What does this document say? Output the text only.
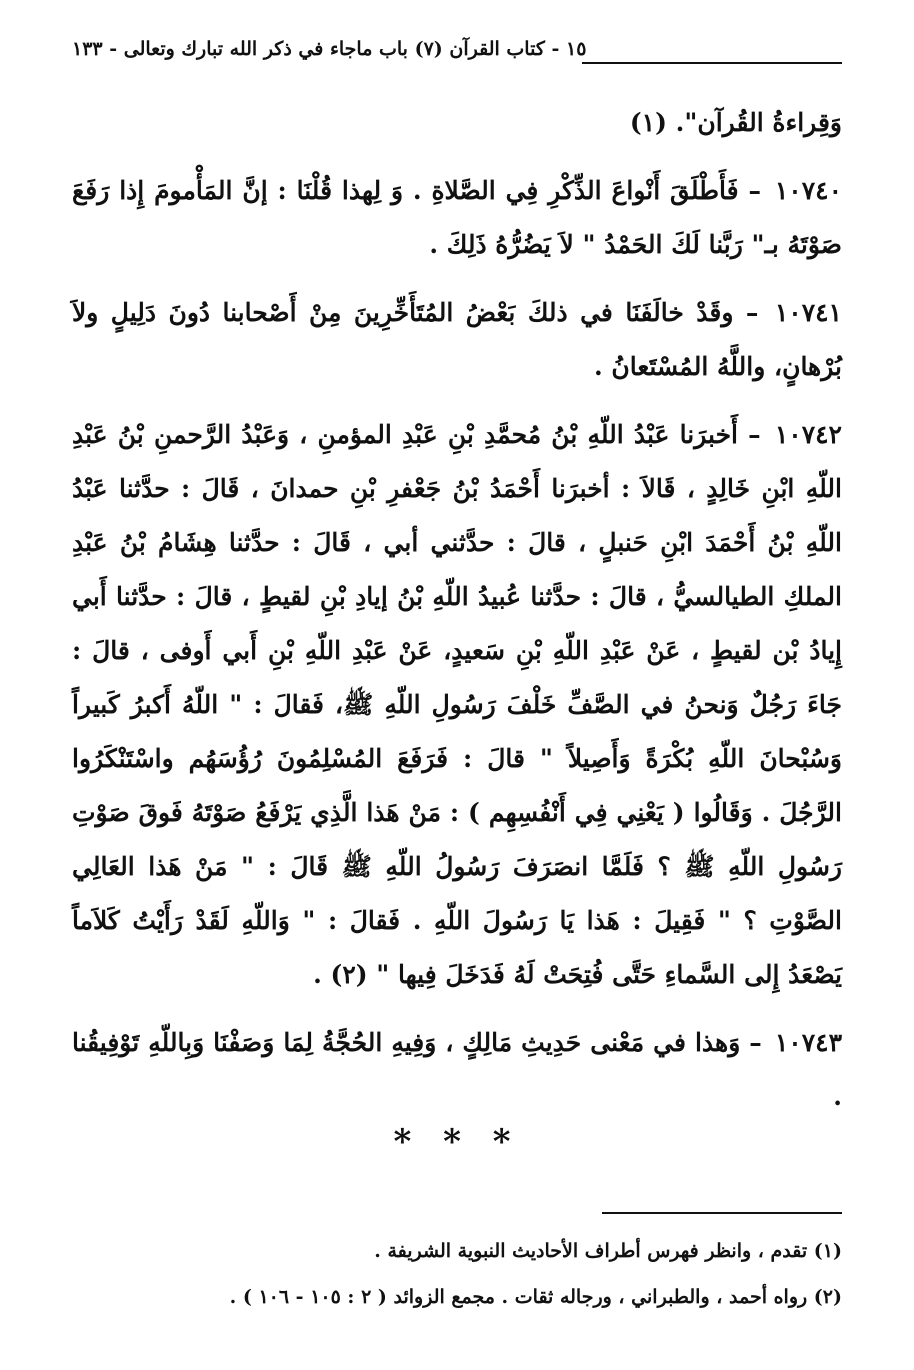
١٥ - كتاب القرآن (٧) باب ماجاء في ذكر الله تبارك وتعالى - ١٣٣

وَقِراءةُ القُرآن". (١)

١٠٧٤٠ – فَأَطْلَقَ أَنْواعَ الذِّكْرِ فِي الصَّلاةِ . وَ لِهذا قُلْنَا : إنَّ المَأْمومَ إِذا رَفَعَ صَوْتَهُ بـ" رَبَّنا لَكَ الحَمْدُ " لاَ يَضُرُّهُ ذَلِكَ .

١٠٧٤١ – وقَدْ خالَفَنَا في ذلكَ بَعْضُ المُتَأَخِّرِينَ مِنْ أَصْحابنا دُونَ دَلِيلٍ ولاَ بُرْهانٍ، واللَّهُ المُسْتَعانُ .

١٠٧٤٢ – أَخبرَنا عَبْدُ اللّهِ بْنُ مُحمَّدِ بْنِ عَبْدِ المؤمنِ ، وَعَبْدُ الرَّحمنِ بْنُ عَبْدِ اللّهِ ابْنِ خَالِدٍ ، قَالاَ : أخبرَنا أَحْمَدُ بْنُ جَعْفرِ بْنِ حمدانَ ، قَالَ : حدَّثنا عَبْدُ اللّهِ بْنُ أَحْمَدَ ابْنِ حَنبلٍ ، قالَ : حدَّثني أبي ، قَالَ : حدَّثنا هِشَامُ بْنُ عَبْدِ الملكِ الطيالسيُّ ، قالَ : حدَّثنا عُبيدُ اللّهِ بْنُ إيادِ بْنِ لقيطٍ ، قالَ : حدَّثنا أَبي إِيادُ بْن لقيطٍ ، عَنْ عَبْدِ اللّهِ بْنِ سَعيدٍ، عَنْ عَبْدِ اللّهِ بْنِ أَبي أَوفى ، قالَ : جَاءَ رَجُلٌ وَنحنُ في الصَّفِّ خَلْفَ رَسُولِ اللّهِ ﷺ، فَقالَ : " اللّهُ أَكبرُ كَبيراً وَسُبْحانَ اللّهِ بُكْرَةً وَأَصِيلاً " قالَ : فَرَفَعَ المُسْلِمُونَ رُؤُسَهُم واسْتَنْكَرُوا الرَّجُلَ . وَقَالُوا ( يَعْنِي فِي أَنْفُسِهِم ) : مَنْ هَذا الَّذِي يَرْفَعُ صَوْتَهُ فَوقَ صَوْتِ رَسُولِ اللّهِ ﷺ ؟ فَلَمَّا انصَرَفَ رَسُولُ اللّهِ ﷺ قَالَ : " مَنْ هَذا العَالِي الصَّوْتِ ؟ " فَقِيلَ : هَذا يَا رَسُولَ اللّهِ . فَقالَ : " وَاللّهِ لَقَدْ رَأَيْتُ كَلاَماً يَصْعَدُ إِلى السَّماءِ حَتَّى فُتِحَتْ لَهُ فَدَخَلَ فِيها " (٢) .

١٠٧٤٣ – وَهذا في مَعْنى حَدِيثِ مَالِكٍ ، وَفِيهِ الحُجَّةُ لِمَا وَصَفْنَا وَبِاللّهِ تَوْفِيقُنا .

* * *

(١) تقدم ، وانظر فهرس أطراف الأحاديث النبوية الشريفة .

(٢) رواه أحمد ، والطبراني ، ورجاله ثقات . مجمع الزوائد ( ٢ : ١٠٥ - ١٠٦ ) .
